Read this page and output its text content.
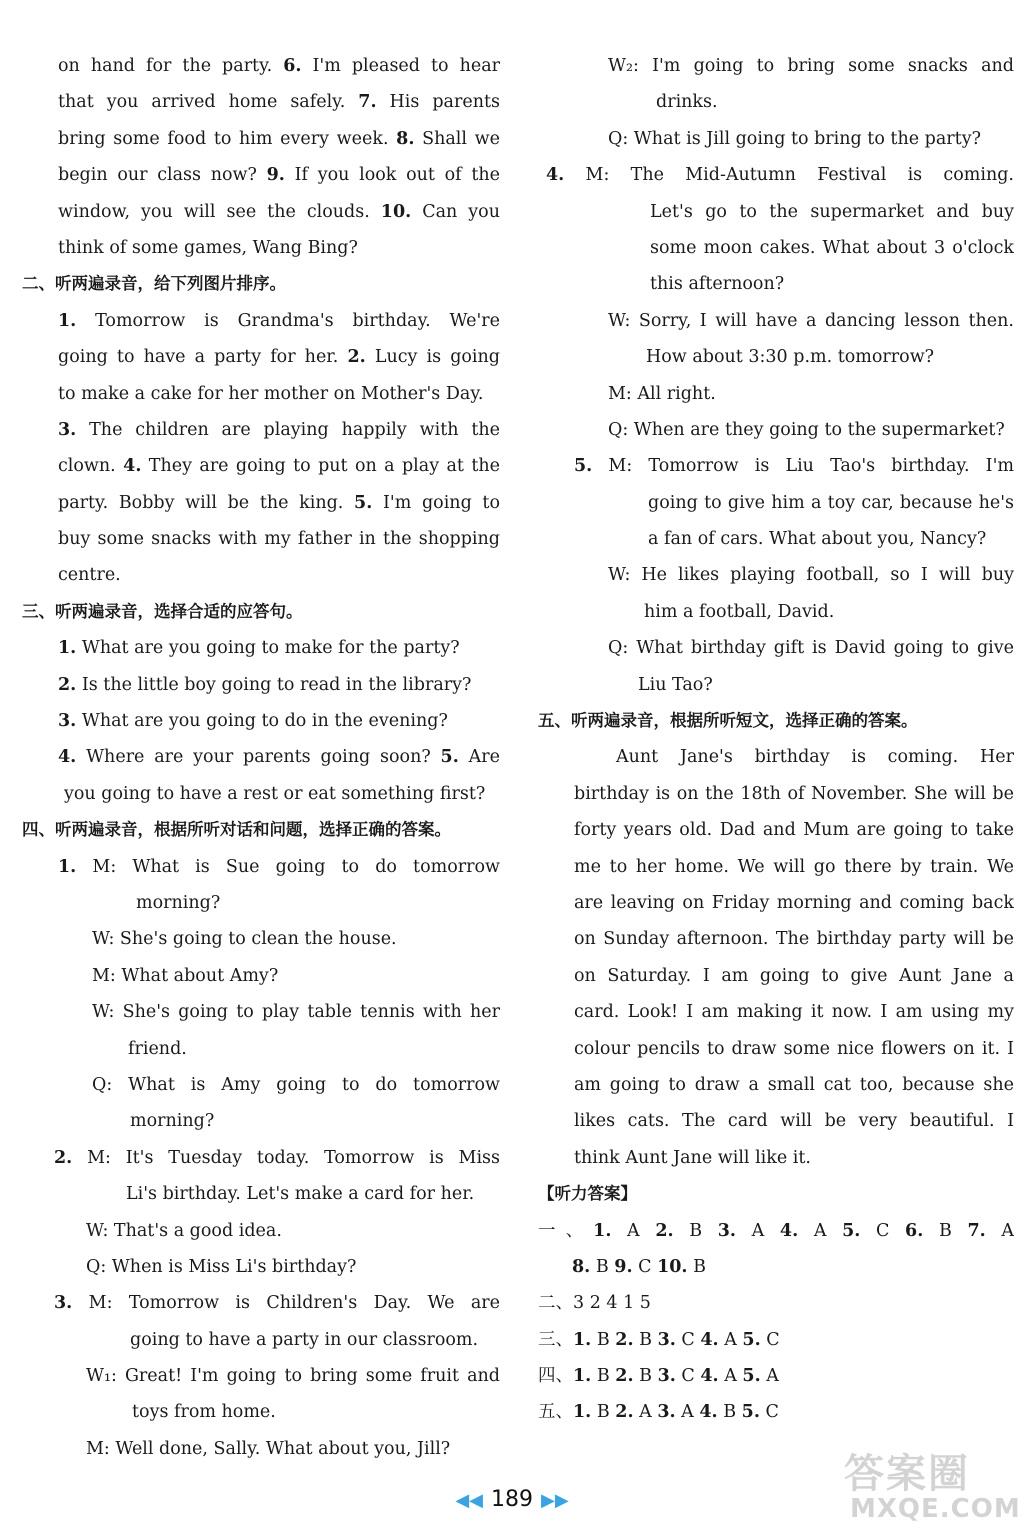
on hand for the party. 6. I'm pleased to hear
that you arrived home safely. 7. His parents
bring some food to him every week. 8. Shall we
begin our class now? 9. If you look out of the
window, you will see the clouds. 10. Can you
think of some games, Wang Bing?
二、听两遍录音，给下列图片排序。
1. Tomorrow is Grandma's birthday. We're
going to have a party for her. 2. Lucy is going
to make a cake for her mother on Mother's Day.
3. The children are playing happily with the
clown. 4. They are going to put on a play at the
party. Bobby will be the king. 5. I'm going to
buy some snacks with my father in the shopping
centre.
三、听两遍录音，选择合适的应答句。
1. What are you going to make for the party?
2. Is the little boy going to read in the library?
3. What are you going to do in the evening?
4. Where are your parents going soon? 5. Are
you going to have a rest or eat something first?
四、听两遍录音，根据所听对话和问题，选择正确的答案。
1. M: What is Sue going to do tomorrow
morning?
W: She's going to clean the house.
M: What about Amy?
W: She's going to play table tennis with her
friend.
Q: What is Amy going to do tomorrow
morning?
2. M: It's Tuesday today. Tomorrow is Miss
Li's birthday. Let's make a card for her.
W: That's a good idea.
Q: When is Miss Li's birthday?
3. M: Tomorrow is Children's Day. We are
going to have a party in our classroom.
W₁: Great! I'm going to bring some fruit and
toys from home.
M: Well done, Sally. What about you, Jill?
W₂: I'm going to bring some snacks and
drinks.
Q: What is Jill going to bring to the party?
4. M: The Mid-Autumn Festival is coming.
Let's go to the supermarket and buy
some moon cakes. What about 3 o'clock
this afternoon?
W: Sorry, I will have a dancing lesson then.
How about 3:30 p.m. tomorrow?
M: All right.
Q: When are they going to the supermarket?
5. M: Tomorrow is Liu Tao's birthday. I'm
going to give him a toy car, because he's
a fan of cars. What about you, Nancy?
W: He likes playing football, so I will buy
him a football, David.
Q: What birthday gift is David going to give
Liu Tao?
五、听两遍录音，根据所听短文，选择正确的答案。
Aunt Jane's birthday is coming. Her
birthday is on the 18th of November. She will be
forty years old. Dad and Mum are going to take
me to her home. We will go there by train. We
are leaving on Friday morning and coming back
on Sunday afternoon. The birthday party will be
on Saturday. I am going to give Aunt Jane a
card. Look! I am making it now. I am using my
colour pencils to draw some nice flowers on it. I
am going to draw a small cat too, because she
likes cats. The card will be very beautiful. I
think Aunt Jane will like it.
【听力答案】
一、1. A 2. B 3. A 4. A 5. C 6. B 7. A
8. B 9. C 10. B
二、3 2 4 1 5
三、1. B 2. B 3. C 4. A 5. C
四、1. B 2. B 3. C 4. A 5. A
五、1. B 2. A 3. A 4. B 5. C
◀◀ 189 ▶▶
答案圈
MXQE.COM
